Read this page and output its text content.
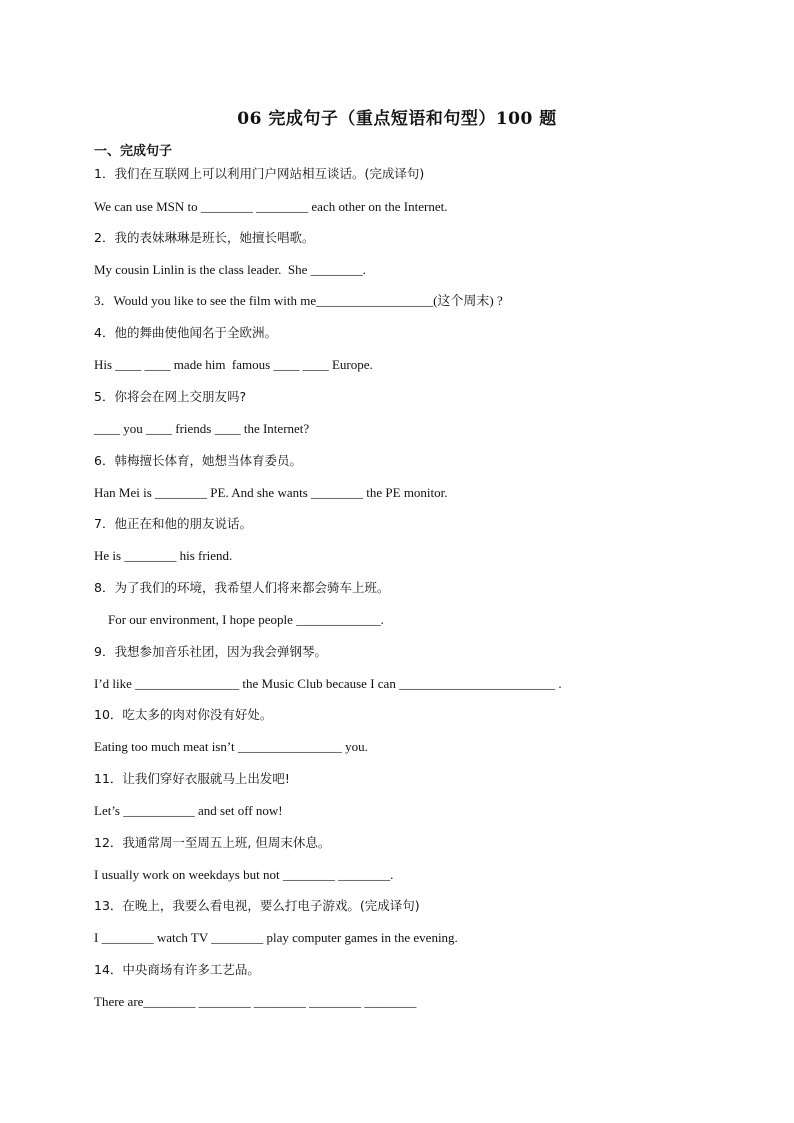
06 完成句子（重点短语和句型）100 题
一、完成句子
1．我们在互联网上可以利用门户网站相互谈话。(完成译句)
We can use MSN to ________ ________ each other on the Internet.
2．我的表妹琳琳是班长，她擅长唱歌。
My cousin Linlin is the class leader.  She ________.
3．Would you like to see the film with me__________________(这个周末) ?
4．他的舞曲使他闻名于全欧洲。
His ____ ____ made him  famous ____ ____ Europe.
5．你将会在网上交朋友吗?
____ you ____ friends ____ the Internet?
6．韩梅擅长体育，她想当体育委员。
Han Mei is ________ PE. And she wants ________ the PE monitor.
7．他正在和他的朋友说话。
He is ________ his friend.
8．为了我们的环境，我希望人们将来都会骑车上班。
For our environment, I hope people _____________.
9．我想参加音乐社团，因为我会弹钢琴。
I’d like ________________ the Music Club because I can ________________________ .
10．吃太多的肉对你没有好处。
Eating too much meat isn’t ________________ you.
11．让我们穿好衣服就马上出发吧!
Let’s ___________ and set off now!
12．我通常周一至周五上班, 但周末休息。
I usually work on weekdays but not ________ ________.
13．在晚上，我要么看电视，要么打电子游戏。(完成译句)
I ________ watch TV ________ play computer games in the evening.
14．中央商场有许多工艺品。
There are________ ________ ________ ________ ________
